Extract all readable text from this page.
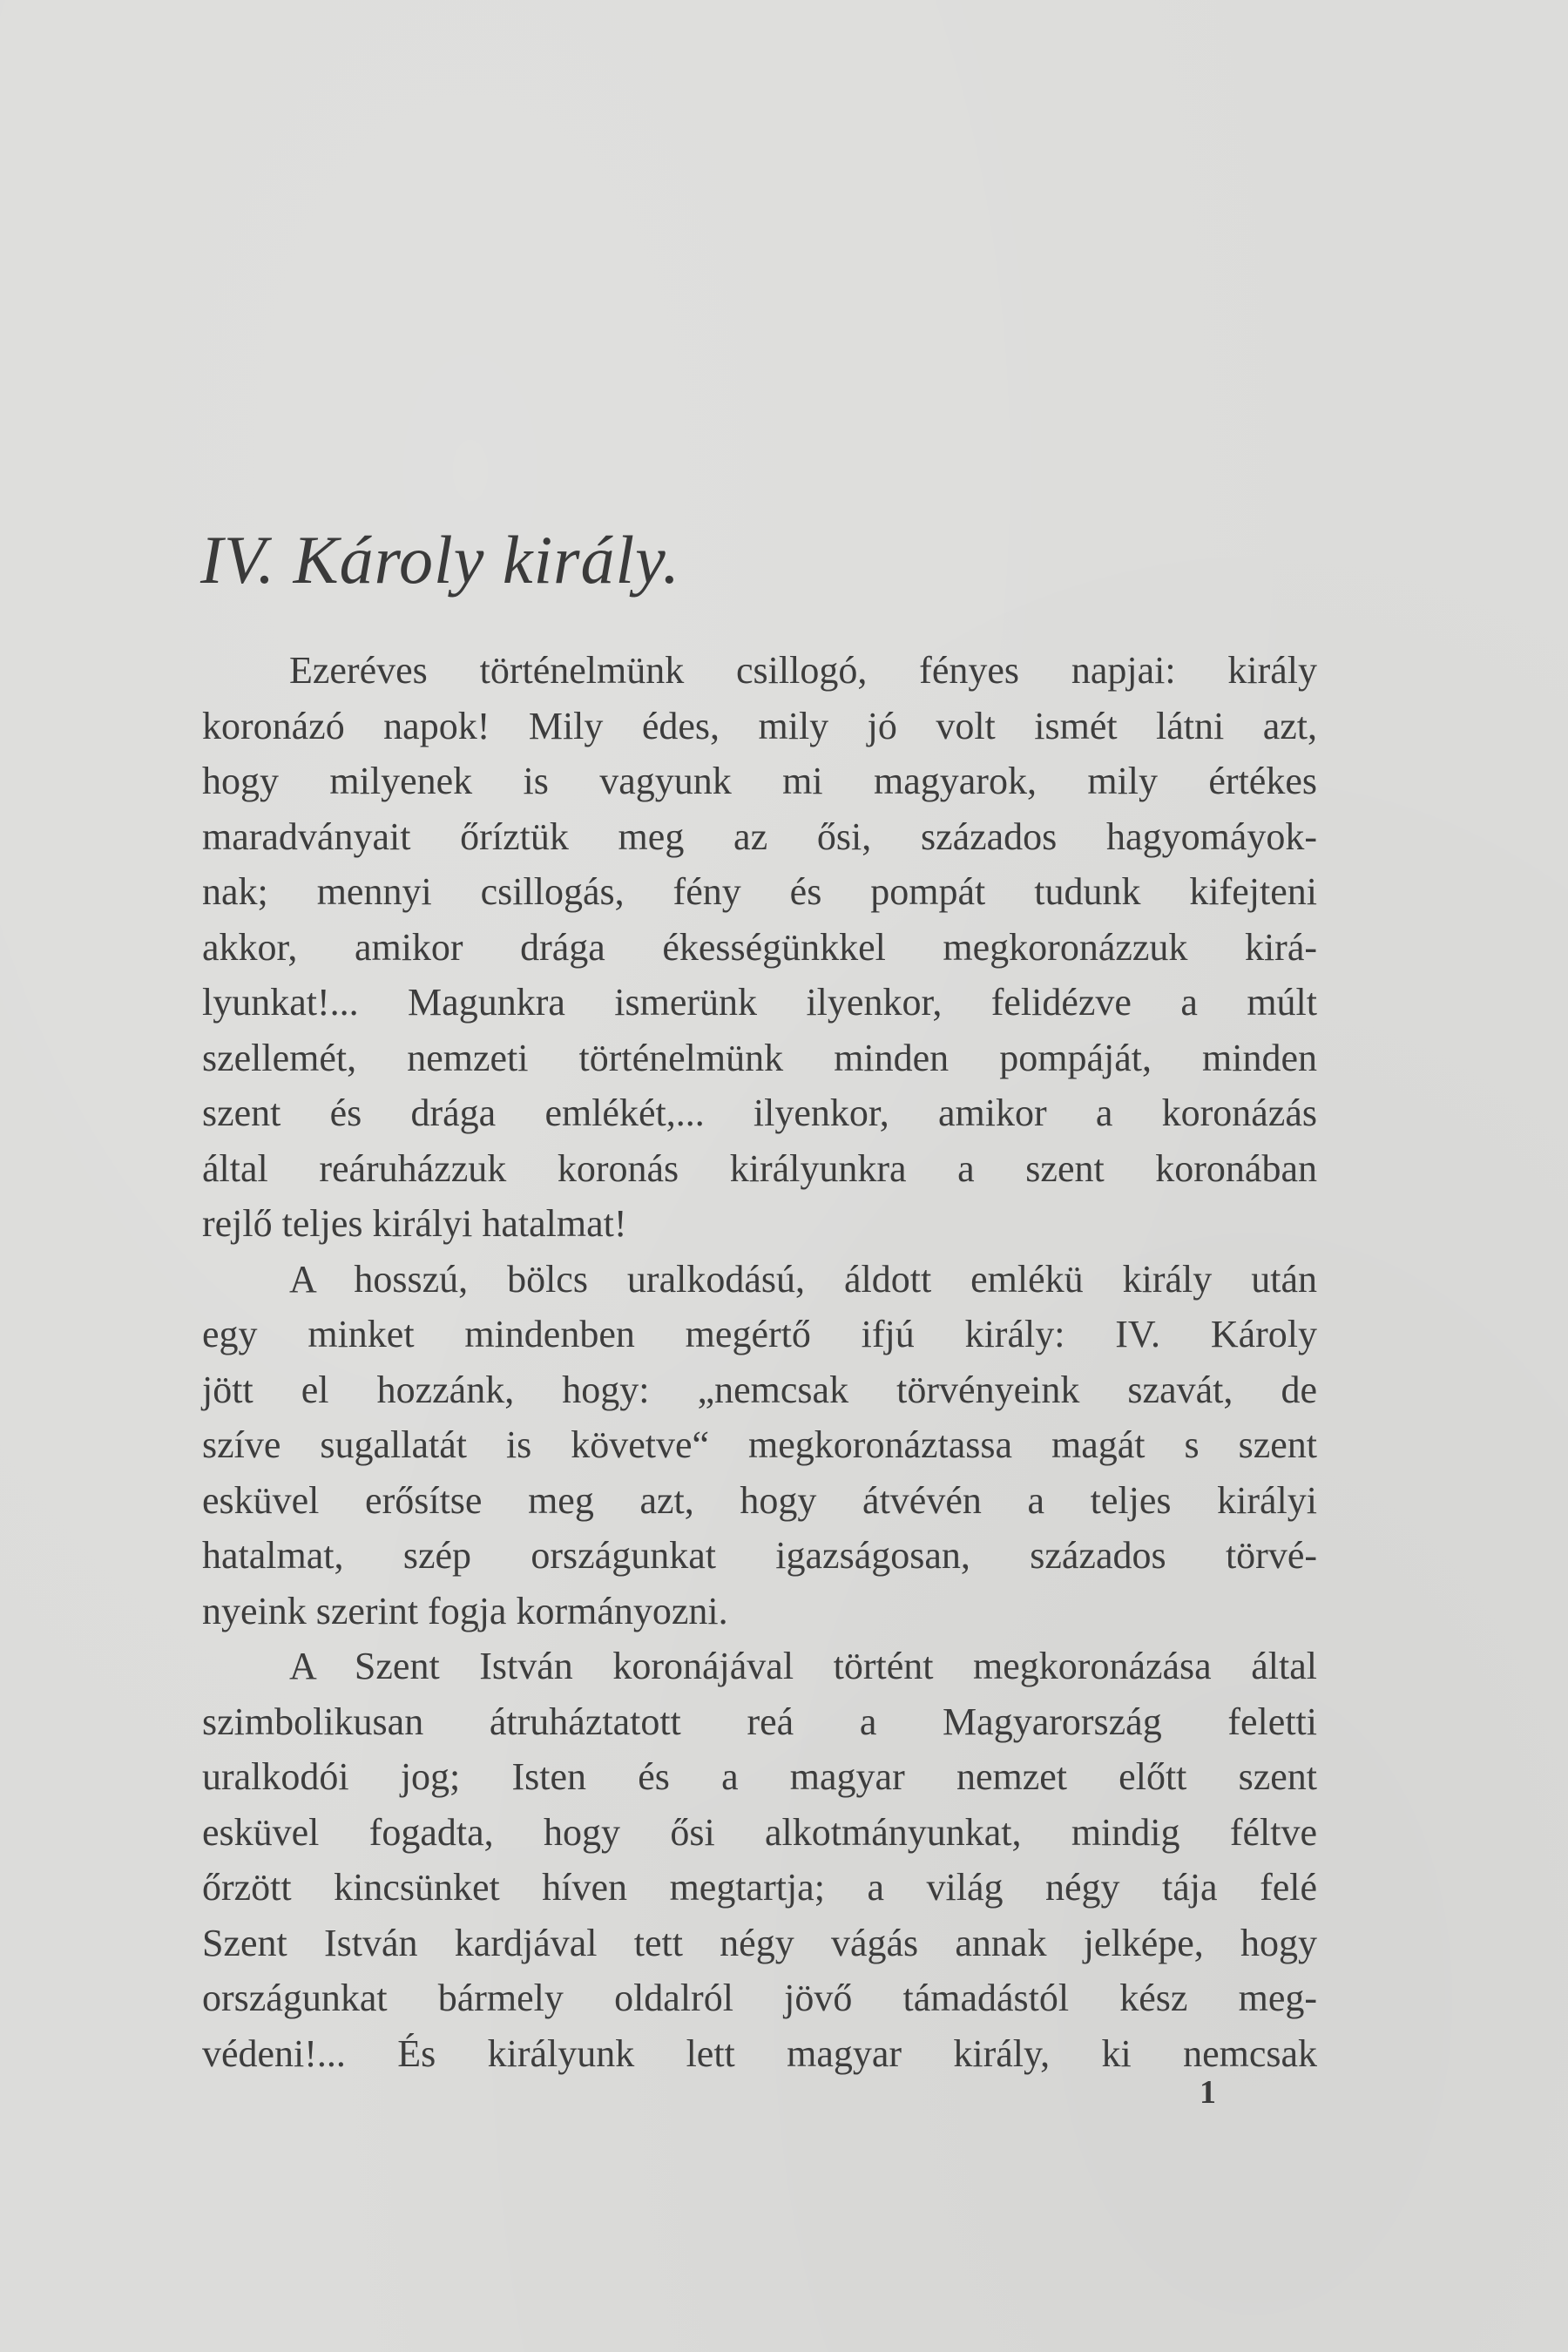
IV. Károly király.
Ezeréves történelmünk csillogó, fényes napjai: király
koronázó napok! Mily édes, mily jó volt ismét látni azt,
hogy milyenek is vagyunk mi magyarok, mily értékes
maradványait őríztük meg az ősi, százados hagyomáyok-
nak; mennyi csillogás, fény és pompát tudunk kifejteni
akkor, amikor drága ékességünkkel megkoronázzuk kirá-
lyunkat!... Magunkra ismerünk ilyenkor, felidézve a múlt
szellemét, nemzeti történelmünk minden pompáját, minden
szent és drága emlékét,... ilyenkor, amikor a koronázás
által reáruházzuk koronás királyunkra a szent koronában
rejlő teljes királyi hatalmat!
A hosszú, bölcs uralkodású, áldott emlékü király után
egy minket mindenben megértő ifjú király: IV. Károly
jött el hozzánk, hogy: „nemcsak törvényeink szavát, de
szíve sugallatát is követve“ megkoronáztassa magát s szent
esküvel erősítse meg azt, hogy átvévén a teljes királyi
hatalmat, szép országunkat igazságosan, százados törvé-
nyeink szerint fogja kormányozni.
A Szent István koronájával történt megkoronázása által
szimbolikusan átruháztatott reá a Magyarország feletti
uralkodói jog; Isten és a magyar nemzet előtt szent
esküvel fogadta, hogy ősi alkotmányunkat, mindig féltve
őrzött kincsünket híven megtartja; a világ négy tája felé
Szent István kardjával tett négy vágás annak jelképe, hogy
országunkat bármely oldalról jövő támadástól kész meg-
védeni!... És királyunk lett magyar király, ki nemcsak
1
